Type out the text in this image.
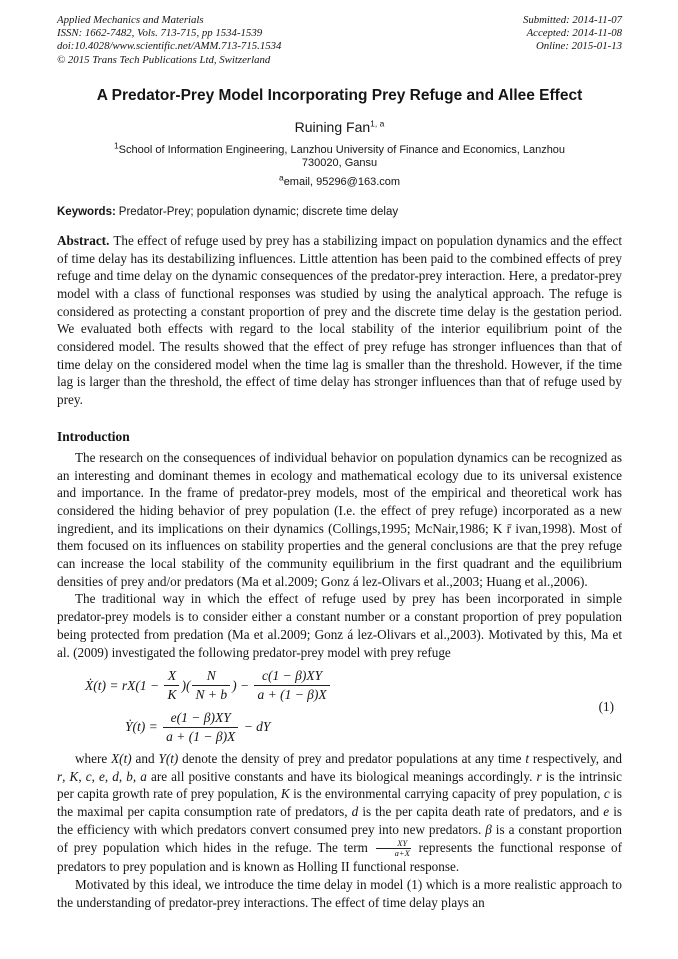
Applied Mechanics and Materials
ISSN: 1662-7482, Vols. 713-715, pp 1534-1539
doi:10.4028/www.scientific.net/AMM.713-715.1534
© 2015 Trans Tech Publications Ltd, Switzerland
Submitted: 2014-11-07
Accepted: 2014-11-08
Online: 2015-01-13
A Predator-Prey Model Incorporating Prey Refuge and Allee Effect
Ruining Fan$^{1, a}$
$^1$School of Information Engineering, Lanzhou University of Finance and Economics, Lanzhou 730020, Gansu
$^a$email, 95296@163.com
Keywords: Predator-Prey; population dynamic; discrete time delay
Abstract. The effect of refuge used by prey has a stabilizing impact on population dynamics and the effect of time delay has its destabilizing influences. Little attention has been paid to the combined effects of prey refuge and time delay on the dynamic consequences of the predator-prey interaction. Here, a predator-prey model with a class of functional responses was studied by using the analytical approach. The refuge is considered as protecting a constant proportion of prey and the discrete time delay is the gestation period. We evaluated both effects with regard to the local stability of the interior equilibrium point of the considered model. The results showed that the effect of prey refuge has stronger influences than that of time delay on the considered model when the time lag is smaller than the threshold. However, if the time lag is larger than the threshold, the effect of time delay has stronger influences than that of refuge used by prey.
Introduction
The research on the consequences of individual behavior on population dynamics can be recognized as an interesting and dominant themes in ecology and mathematical ecology due to its universal existence and importance. In the frame of predator-prey models, most of the empirical and theoretical work has considered the hiding behavior of prey population (I.e. the effect of prey refuge) incorporated as a new ingredient, and its implications on their dynamics (Collings,1995; McNair,1986; K r̄ ivan,1998). Most of them focused on its influences on stability properties and the general conclusions are that the prey refuge can increase the local stability of the community equilibrium in the first quadrant and the equilibrium densities of prey and/or predators (Ma et al.2009; Gonz á lez-Olivars et al.,2003; Huang et al.,2006).
The traditional way in which the effect of refuge used by prey has been incorporated in simple predator-prey models is to consider either a constant number or a constant proportion of prey population being protected from predation (Ma et al.2009; Gonz á lez-Olivars et al.,2003). Motivated by this, Ma et al. (2009) investigated the following predator-prey model with prey refuge
Ẋ(t) = $rX(1 - \frac{X}{K}$ )( $\frac{N}{N + b}$ ) − $\frac{c(1 - \beta)XY}{a + (1 - \beta)X}$
Ẏ(t) = $\frac{e(1 - \beta)XY}{a + (1 - \beta)X}$ − dY
(1)
where X(t) and Y(t) denote the density of prey and predator populations at any time t respectively, and r, K, c, e, d, b, a are all positive constants and have its biological meanings accordingly. r is the intrinsic per capita growth rate of prey population, K is the environmental carrying capacity of prey population, c is the maximal per capita consumption rate of predators, d is the per capita death rate of predators, and e is the efficiency with which predators convert consumed prey into new predators. β is a constant proportion of prey population which hides in the refuge. The term $\frac{XY}{a+X}$ represents the functional response of predators to prey population and is known as Holling II functional response.
Motivated by this ideal, we introduce the time delay in model (1) which is a more realistic approach to the understanding of predator-prey interactions. The effect of time delay plays an
